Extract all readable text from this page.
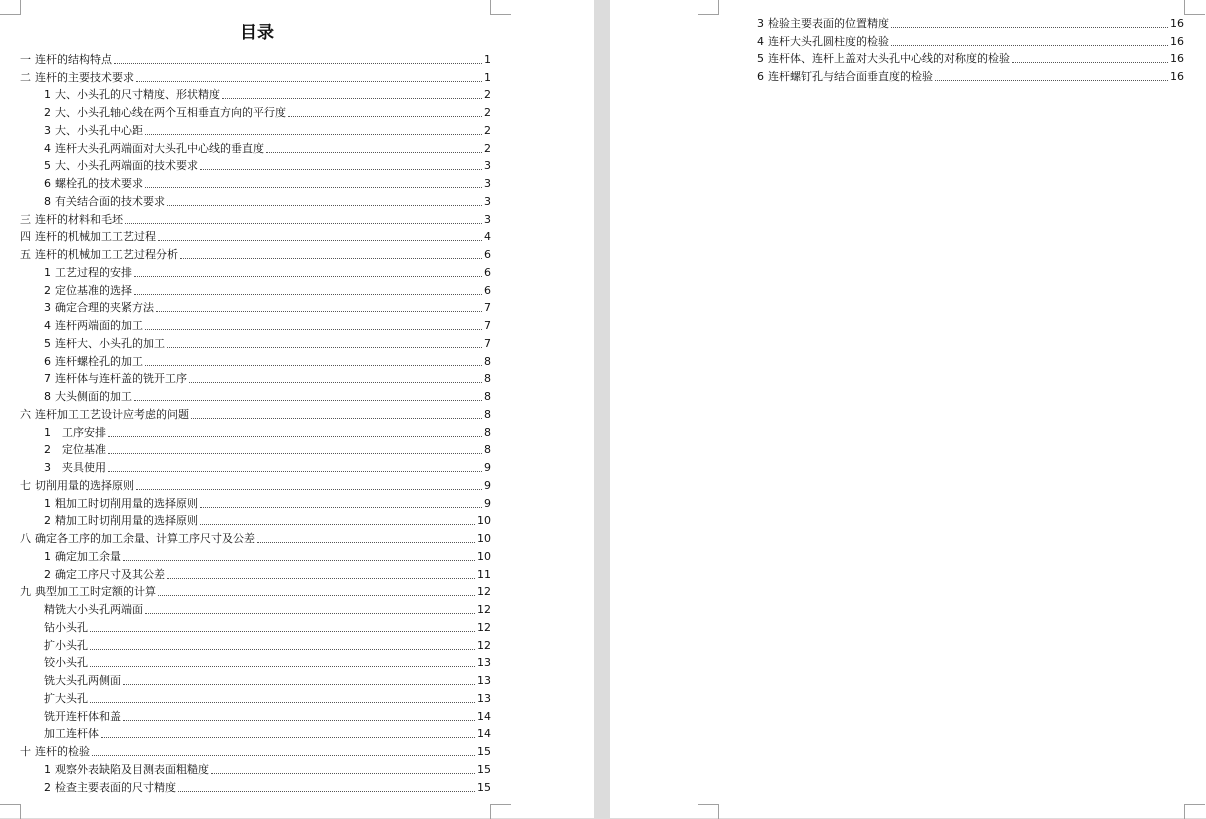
目录
一 连杆的结构特点	1
二 连杆的主要技术要求	1
1 大、小头孔的尺寸精度、形状精度	2
2 大、小头孔轴心线在两个互相垂直方向的平行度	2
3 大、小头孔中心距	2
4 连杆大头孔两端面对大头孔中心线的垂直度	2
5 大、小头孔两端面的技术要求	3
6 螺栓孔的技术要求	3
8 有关结合面的技术要求	3
三 连杆的材料和毛坯	3
四 连杆的机械加工工艺过程	4
五 连杆的机械加工工艺过程分析	6
1 工艺过程的安排	6
2 定位基准的选择	6
3 确定合理的夹紧方法	7
4 连杆两端面的加工	7
5 连杆大、小头孔的加工	7
6 连杆螺栓孔的加工	8
7 连杆体与连杆盖的铣开工序	8
8 大头侧面的加工	8
六 连杆加工工艺设计应考虑的问题	8
1 工序安排	8
2 定位基准	8
3 夹具使用	9
七 切削用量的选择原则	9
1 粗加工时切削用量的选择原则	9
2 精加工时切削用量的选择原则	10
八 确定各工序的加工余量、计算工序尺寸及公差	10
1 确定加工余量	10
2 确定工序尺寸及其公差	11
九 典型加工工时定额的计算	12
精铣大小头孔两端面	12
钻小头孔	12
扩小头孔	12
铰小头孔	13
铣大头孔两侧面	13
扩大头孔	13
铣开连杆体和盖	14
加工连杆体	14
十 连杆的检验	15
1 观察外表缺陷及目测表面粗糙度	15
2 检查主要表面的尺寸精度	15
3 检验主要表面的位置精度	16
4 连杆大头孔圆柱度的检验	16
5 连杆体、连杆上盖对大头孔中心线的对称度的检验	16
6 连杆螺钉孔与结合面垂直度的检验	16
